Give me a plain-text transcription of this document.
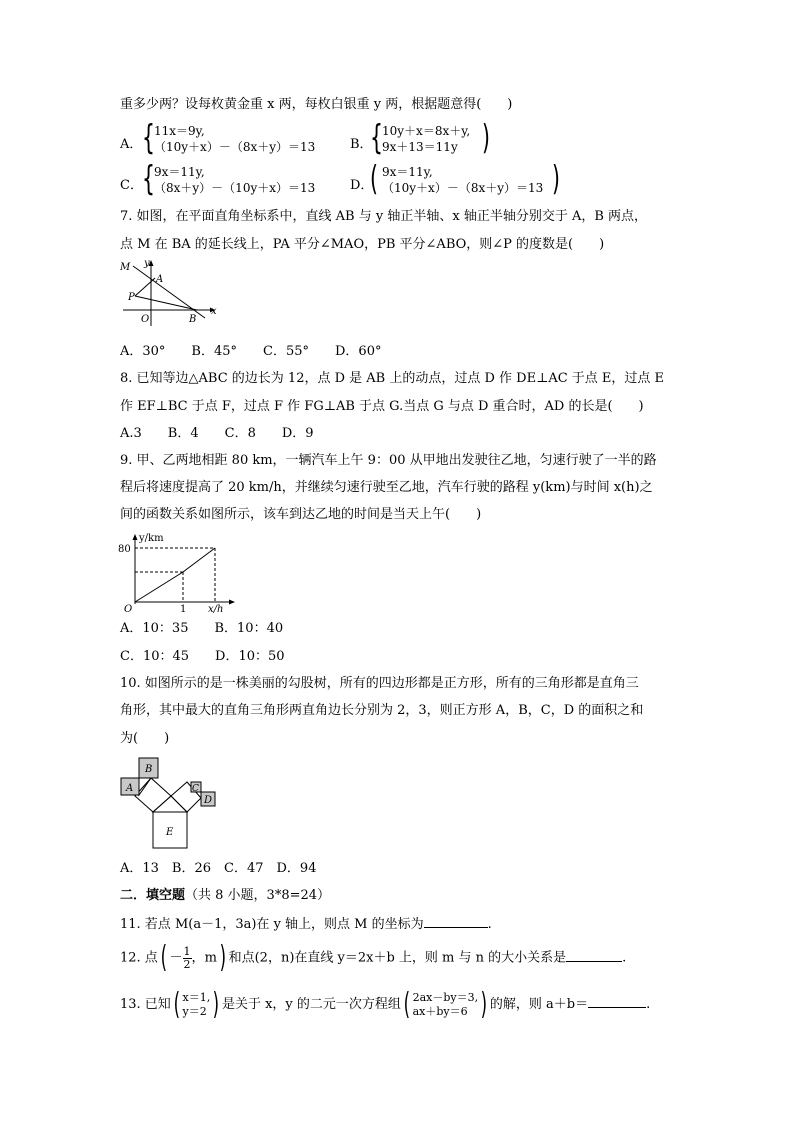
重多少两？设每枚黄金重 x 两，每枚白银重 y 两，根据题意得(　　)
A． { 11x＝9y,
（10y＋x）－（8x＋y）＝13	B．
{ 10y＋x＝8x＋y,
9x＋13＝11y )
C． { 9x＝11y,
（8x＋y）－（10y＋x）＝13	D．
( 9x＝11y,
（10y＋x）－（8x＋y）＝13 )
7. 如图，在平面直角坐标系中，直线 AB 与 y 轴正半轴、x 轴正半轴分别交于 A，B 两点，
点 M 在 BA 的延长线上，PA 平分∠MAO，PB 平分∠ABO，则∠P 的度数是(　　)
M y
A
P
O	B
x
A．30°　　B．45°　　C．55°　　D．60°
8. 已知等边△ABC 的边长为 12，点 D 是 AB 上的动点，过点 D 作 DE⊥AC 于点 E，过点 E
作 EF⊥BC 于点 F，过点 F 作 FG⊥AB 于点 G.当点 G 与点 D 重合时，AD 的长是(　　)
A.3　　B．4　　C．8　　D．9
9. 甲、乙两地相距 80 km，一辆汽车上午 9：00 从甲地出发驶往乙地，匀速行驶了一半的路
程后将速度提高了 20 km/h，并继续匀速行驶至乙地，汽车行驶的路程 y(km)与时间 x(h)之
间的函数关系如图所示，该车到达乙地的时间是当天上午(　　)
y/km
80
O	1 x/h
A．10：35　　B．10：40
C．10：45　　D．10：50
10. 如图所示的是一株美丽的勾股树，所有的四边形都是正方形，所有的三角形都是直角三
角形，其中最大的直角三角形两直角边长分别为 2，3，则正方形 A，B，C，D 的面积之和
为(　　)
A
B
C
D
E
A．13　B．26　C．47　D．94
二．填空题（共 8 小题，3*8=24）
11. 若点 M(a－1，3a)在 y 轴上，则点 M 的坐标为	.
12. 点( － $\frac{1}{2}$ ，m) 和点(2，n)在直线 y＝2x＋b 上，则 m 与 n 的大小关系是	.
13. 已知( x＝1,
y＝2 ) 是关于 x，y 的二元一次方程组( 2ax－by＝3,
ax＋by＝6 ) 的解，则 a＋b＝	.
